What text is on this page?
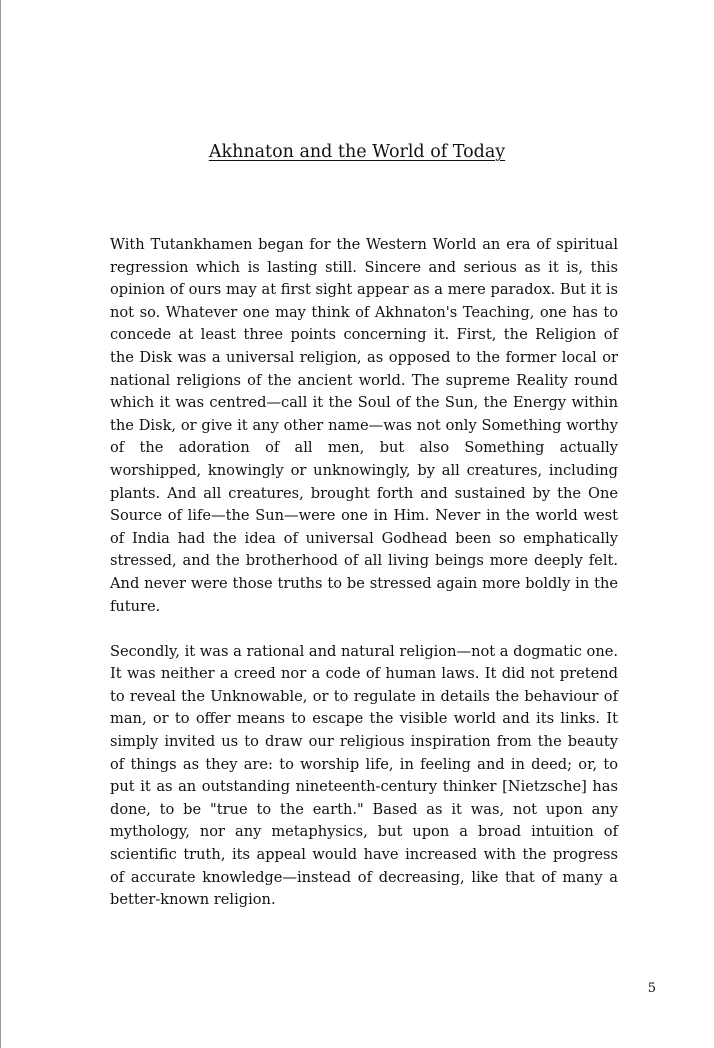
Akhnaton and the World of Today

With Tutankhamen began for the Western World an era of spiritual regression which is lasting still. Sincere and serious as it is, this opinion of ours may at first sight appear as a mere paradox. But it is not so. Whatever one may think of Akhnaton's Teaching, one has to concede at least three points concerning it. First, the Religion of the Disk was a universal religion, as opposed to the former local or national religions of the ancient world. The supreme Reality round which it was centred—call it the Soul of the Sun, the Energy within the Disk, or give it any other name—was not only Something worthy of the adoration of all men, but also Something actually worshipped, knowingly or unknowingly, by all creatures, including plants. And all creatures, brought forth and sustained by the One Source of life—the Sun—were one in Him. Never in the world west of India had the idea of universal Godhead been so emphatically stressed, and the brotherhood of all living beings more deeply felt. And never were those truths to be stressed again more boldly in the future.

Secondly, it was a rational and natural religion—not a dogmatic one. It was neither a creed nor a code of human laws. It did not pretend to reveal the Unknowable, or to regulate in details the behaviour of man, or to offer means to escape the visible world and its links. It simply invited us to draw our religious inspiration from the beauty of things as they are: to worship life, in feeling and in deed; or, to put it as an outstanding nineteenth-century thinker [Nietzsche] has done, to be "true to the earth." Based as it was, not upon any mythology, nor any metaphysics, but upon a broad intuition of scientific truth, its appeal would have increased with the progress of accurate knowledge—instead of decreasing, like that of many a better-known religion.

5
